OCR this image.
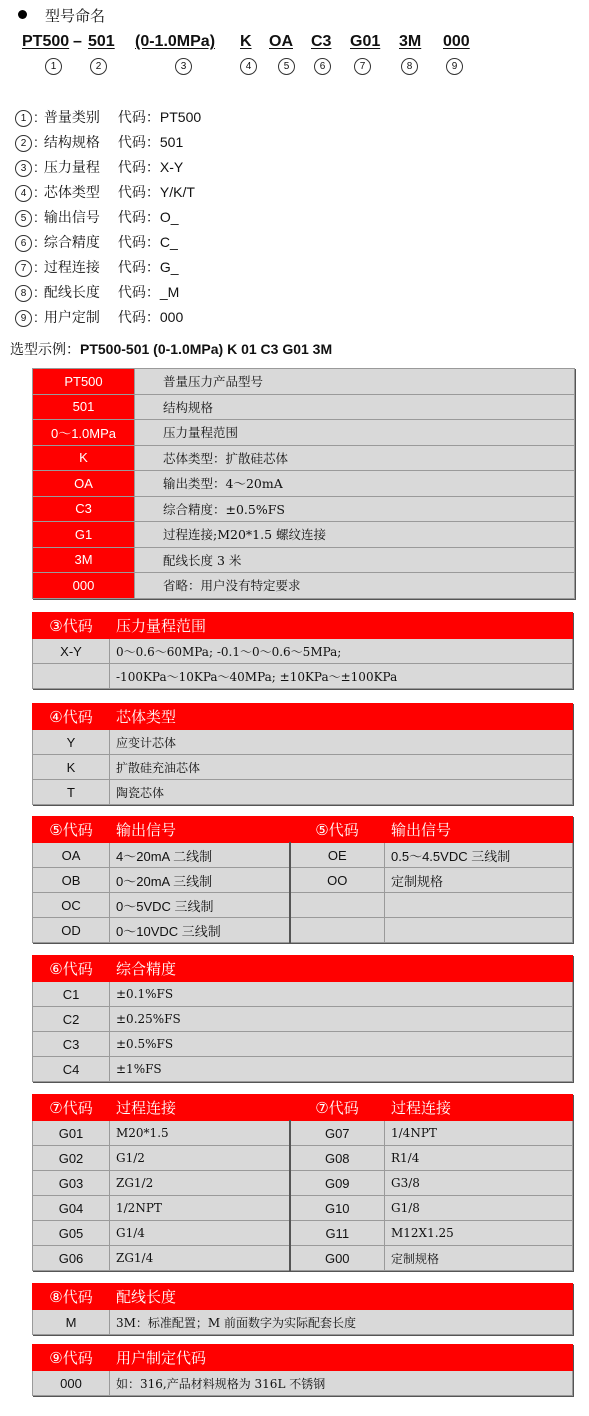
型号命名
PT500 – 501 (0-1.0MPa) K OA C3 G01 3M 000
1	2	3	4	5	6	7	8	9
1 : 普量类别 代码：PT500
2 : 结构规格 代码：501
3 : 压力量程 代码：X-Y
4 : 芯体类型 代码：Y/K/T
5 : 输出信号 代码：O_
6 : 综合精度 代码：C_
7 : 过程连接 代码：G_
8 : 配线长度 代码：_M
9 : 用户定制 代码：000
选型示例：PT500-501 (0-1.0MPa) K 01 C3 G01 3M
PT500	普量压力产品型号
501	结构规格
0～1.0MPa	压力量程范围
K	芯体类型：扩散硅芯体
OA	输出类型：4～20mA
C3	综合精度：±0.5%FS
G1	过程连接;M20*1.5 螺纹连接
3M	配线长度 3 米
000	省略：用户没有特定要求
③代码	压力量程范围
X-Y	0～0.6～60MPa; -0.1～0～0.6～5MPa;
	-100KPa～10KPa～40MPa; ±10KPa～±100KPa
④代码	芯体类型
Y	应变计芯体
K	扩散硅充油芯体
T	陶瓷芯体
⑤代码	输出信号	⑤代码	输出信号
OA	4～20mA 二线制	OE	0.5～4.5VDC 三线制
OB	0～20mA 三线制	OO	定制规格
OC	0～5VDC 三线制		
OD	0～10VDC 三线制		
⑥代码	综合精度
C1	±0.1%FS
C2	±0.25%FS
C3	±0.5%FS
C4	±1%FS
⑦代码	过程连接	⑦代码	过程连接
G01	M20*1.5	G07	1/4NPT
G02	G1/2	G08	R1/4
G03	ZG1/2	G09	G3/8
G04	1/2NPT	G10	G1/8
G05	G1/4	G11	M12X1.25
G06	ZG1/4	G00	定制规格
⑧代码	配线长度
M	3M：标准配置；M 前面数字为实际配套长度
⑨代码	用户制定代码
000	如：316,产品材料规格为 316L 不锈钢
